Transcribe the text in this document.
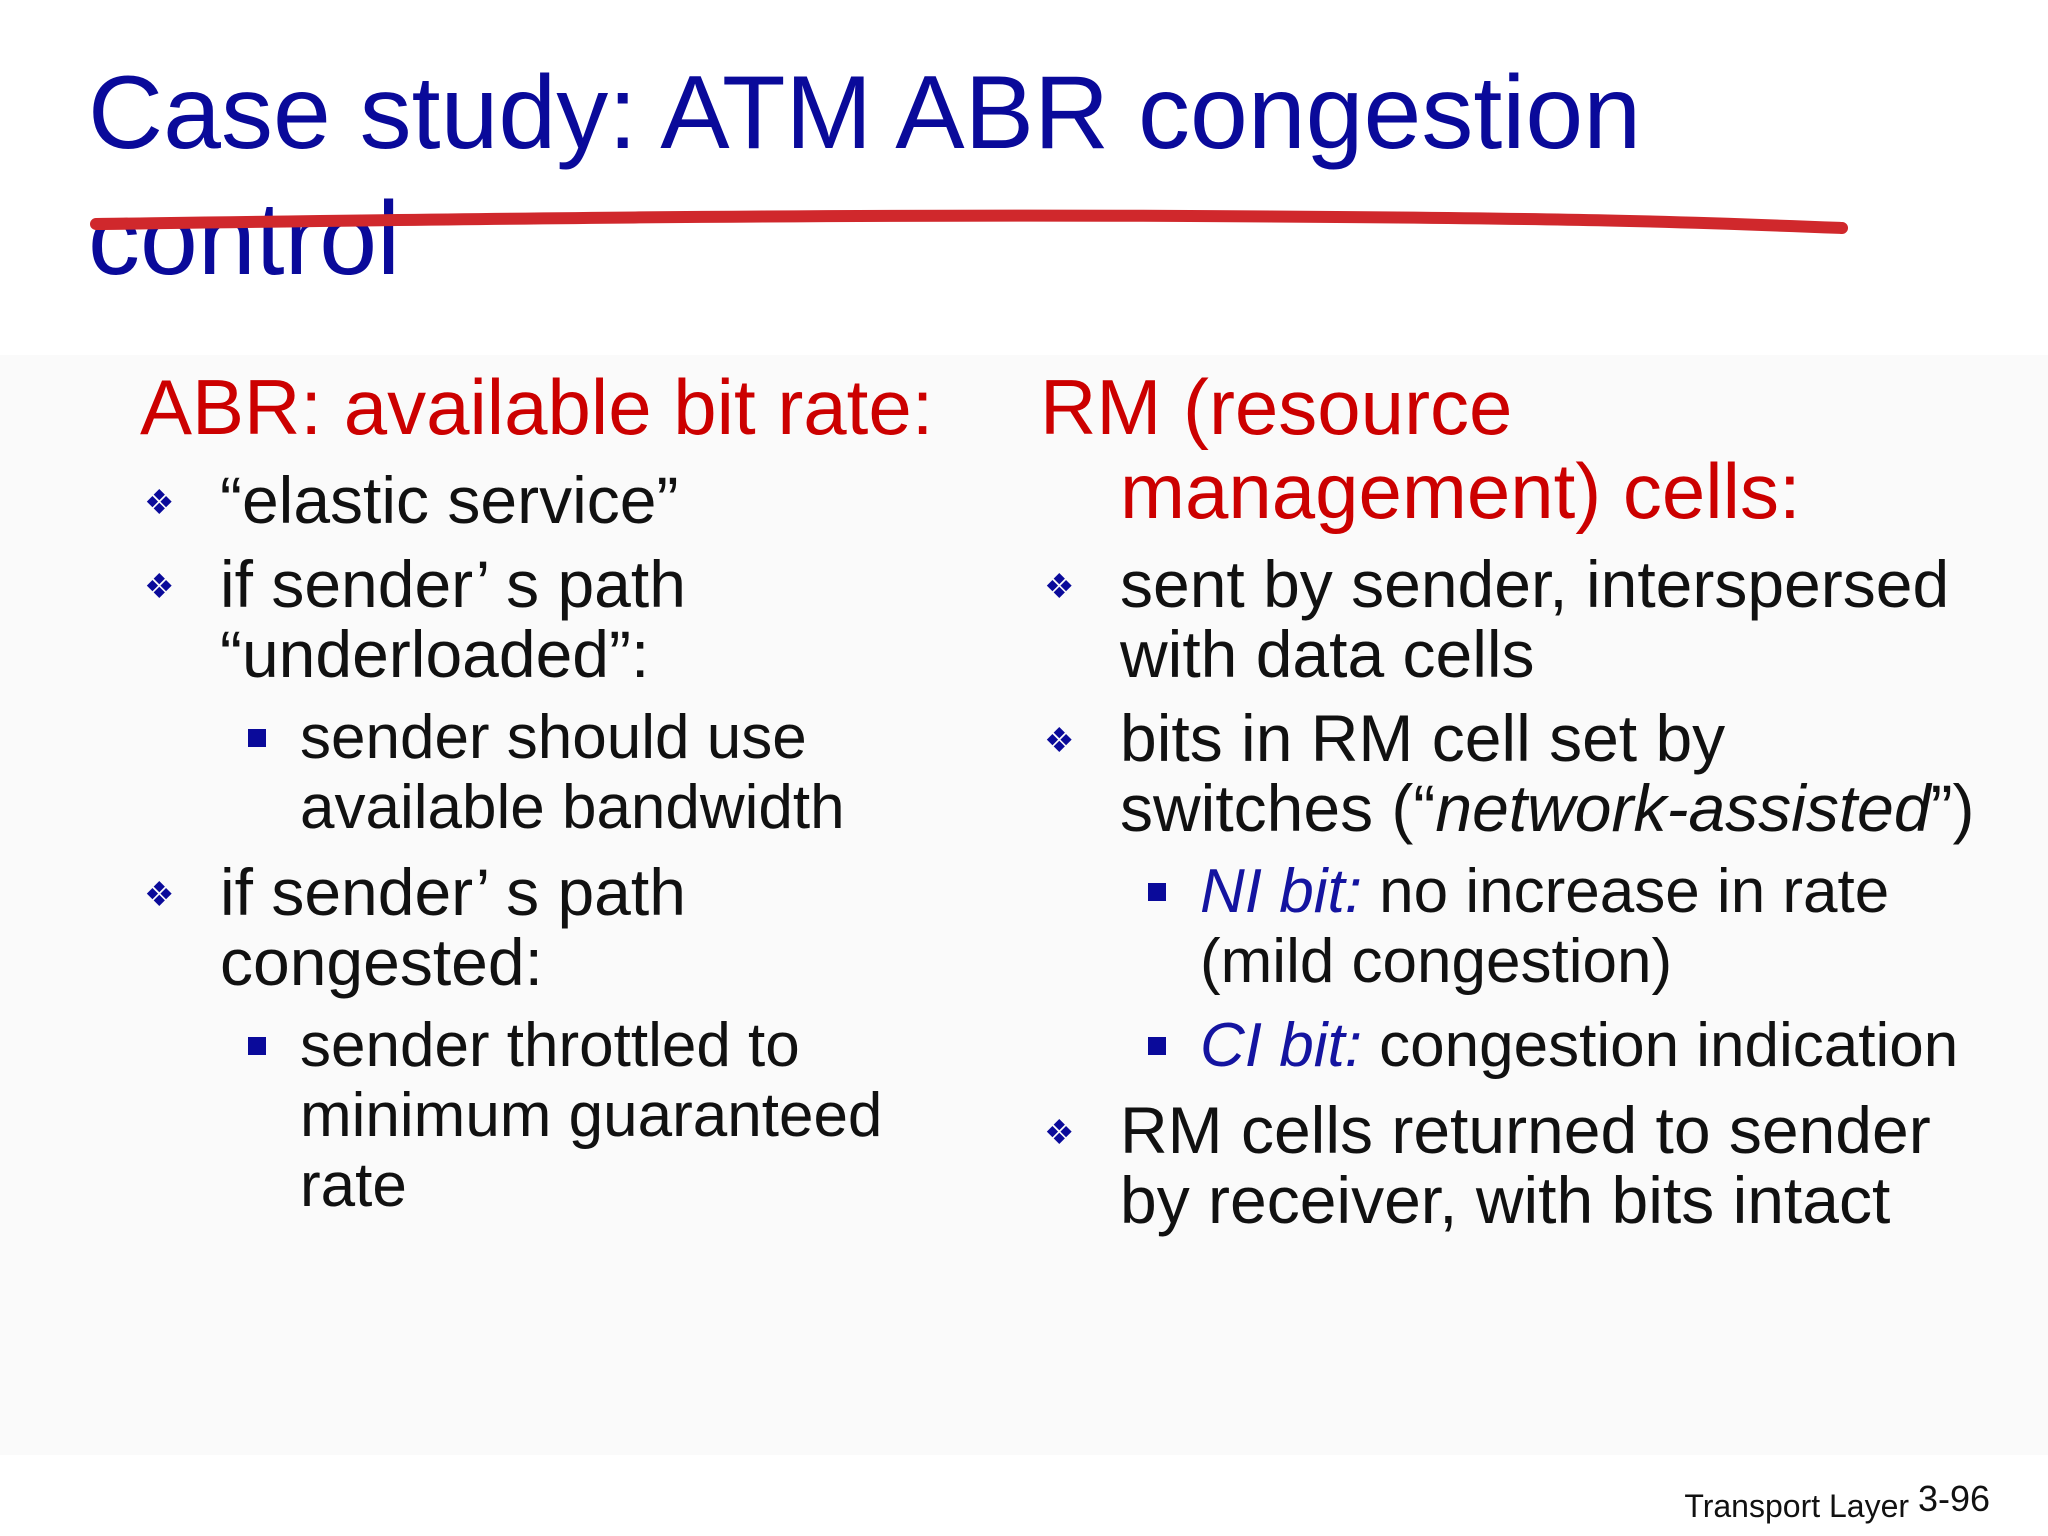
Case study: ATM ABR congestion control
ABR: available bit rate:
❖ “elastic service”
❖ if sender’ s path “underloaded”:
sender should use available bandwidth
❖ if sender’ s path congested:
sender throttled to minimum guaranteed rate
RM (resource management) cells:
❖ sent by sender, interspersed with data cells
❖ bits in RM cell set by switches (“network-assisted”)
NI bit: no increase in rate (mild congestion)
CI bit: congestion indication
❖ RM cells returned to sender by receiver, with bits intact
Transport Layer 3-96
